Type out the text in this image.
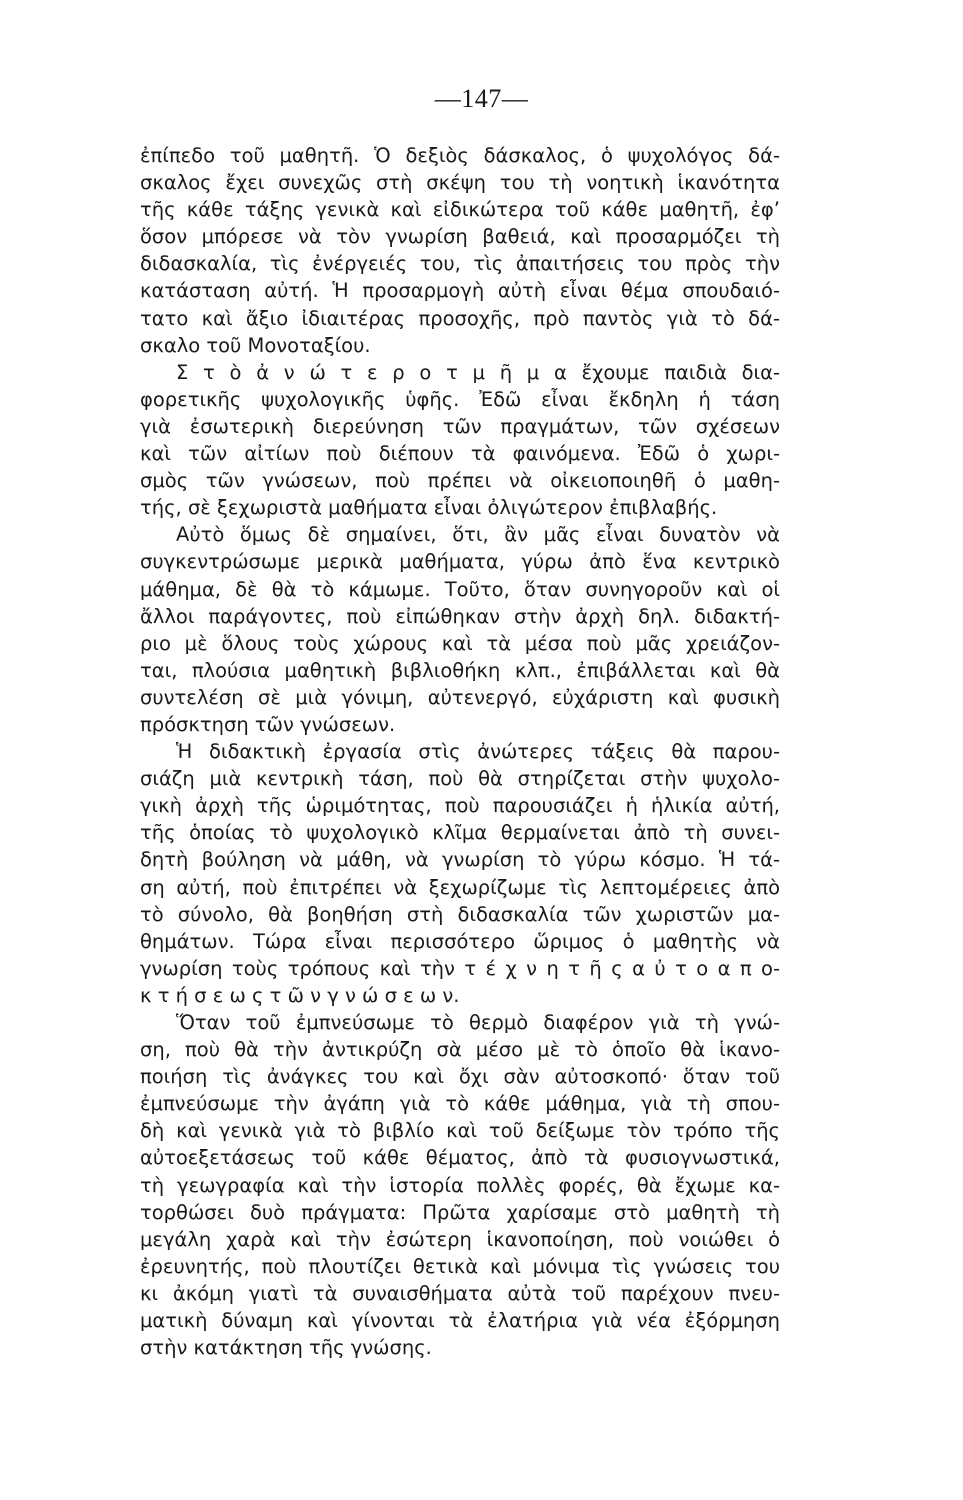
—147—
ἐπίπεδο τοῦ μαθητῆ. Ὁ δεξιὸς δάσκαλος, ὁ ψυχολόγος δά-
σκαλος ἔχει συνεχῶς στὴ σκέψη του τὴ νοητικὴ ἱκανότητα
τῆς κάθε τάξης γενικὰ καὶ εἰδικώτερα τοῦ κάθε μαθητῆ, ἐφ’
ὅσον μπόρεσε νὰ τὸν γνωρίση βαθειά, καὶ προσαρμόζει τὴ
διδασκαλία, τὶς ἐνέργειές του, τὶς ἀπαιτήσεις του πρὸς τὴν
κατάσταση αὐτή. Ἡ προσαρμογὴ αὐτὴ εἶναι θέμα σπουδαιό-
τατο καὶ ἄξιο ἰδιαιτέρας προσοχῆς, πρὸ παντὸς γιὰ τὸ δά-
σκαλο τοῦ Μονοταξίου.
Σ τ ὸ ἀ ν ώ τ ε ρ ο τ μ ῆ μ α ἔχουμε παιδιὰ δια-
φορετικῆς ψυχολογικῆς ὑφῆς. Ἐδῶ εἶναι ἔκδηλη ἡ τάση
γιὰ ἐσωτερικὴ διερεύνηση τῶν πραγμάτων, τῶν σχέσεων
καὶ τῶν αἰτίων ποὺ διέπουν τὰ φαινόμενα. Ἐδῶ ὁ χωρι-
σμὸς τῶν γνώσεων, ποὺ πρέπει νὰ οἰκειοποιηθῆ ὁ μαθη-
τής, σὲ ξεχωριστὰ μαθήματα εἶναι ὀλιγώτερον ἐπιβλαβής.
Αὐτὸ ὅμως δὲ σημαίνει, ὅτι, ἂν μᾶς εἶναι δυνατὸν νὰ
συγκεντρώσωμε μερικὰ μαθήματα, γύρω ἀπὸ ἕνα κεντρικὸ
μάθημα, δὲ θὰ τὸ κάμωμε. Τοῦτο, ὅταν συνηγοροῦν καὶ οἱ
ἄλλοι παράγοντες, ποὺ εἰπώθηκαν στὴν ἀρχὴ δηλ. διδακτή-
ριο μὲ ὅλους τοὺς χώρους καὶ τὰ μέσα ποὺ μᾶς χρειάζον-
ται, πλούσια μαθητικὴ βιβλιοθήκη κλπ., ἐπιβάλλεται καὶ θὰ
συντελέση σὲ μιὰ γόνιμη, αὐτενεργό, εὐχάριστη καὶ φυσικὴ
πρόσκτηση τῶν γνώσεων.
Ἡ διδακτικὴ ἐργασία στὶς ἀνώτερες τάξεις θὰ παρου-
σιάζη μιὰ κεντρικὴ τάση, ποὺ θὰ στηρίζεται στὴν ψυχολο-
γικὴ ἀρχὴ τῆς ὡριμότητας, ποὺ παρουσιάζει ἡ ἡλικία αὐτή,
τῆς ὁποίας τὸ ψυχολογικὸ κλῖμα θερμαίνεται ἀπὸ τὴ συνει-
δητὴ βούληση νὰ μάθη, νὰ γνωρίση τὸ γύρω κόσμο. Ἡ τά-
ση αὐτή, ποὺ ἐπιτρέπει νὰ ξεχωρίζωμε τὶς λεπτομέρειες ἀπὸ
τὸ σύνολο, θὰ βοηθήση στὴ διδασκαλία τῶν χωριστῶν μα-
θημάτων. Τώρα εἶναι περισσότερο ὥριμος ὁ μαθητὴς νὰ
γνωρίση τοὺς τρόπους καὶ τὴν τ έ χ ν η τ ῆ ς α ὐ τ ο α π ο-
κ τ ή σ ε ω ς τ ῶ ν γ ν ώ σ ε ω ν.
Ὅταν τοῦ ἐμπνεύσωμε τὸ θερμὸ διαφέρον γιὰ τὴ γνώ-
ση, ποὺ θὰ τὴν ἀντικρύζη σὰ μέσο μὲ τὸ ὁποῖο θὰ ἱκανο-
ποιήση τὶς ἀνάγκες του καὶ ὄχι σὰν αὐτοσκοπό· ὅταν τοῦ
ἐμπνεύσωμε τὴν ἀγάπη γιὰ τὸ κάθε μάθημα, γιὰ τὴ σπου-
δὴ καὶ γενικὰ γιὰ τὸ βιβλίο καὶ τοῦ δείξωμε τὸν τρόπο τῆς
αὐτοεξετάσεως τοῦ κάθε θέματος, ἀπὸ τὰ φυσιογνωστικά,
τὴ γεωγραφία καὶ τὴν ἱστορία πολλὲς φορές, θὰ ἔχωμε κα-
τορθώσει δυὸ πράγματα: Πρῶτα χαρίσαμε στὸ μαθητὴ τὴ
μεγάλη χαρὰ καὶ τὴν ἐσώτερη ἱκανοποίηση, ποὺ νοιώθει ὁ
ἐρευνητής, ποὺ πλουτίζει θετικὰ καὶ μόνιμα τὶς γνώσεις του
κι ἀκόμη γιατὶ τὰ συναισθήματα αὐτὰ τοῦ παρέχουν πνευ-
ματικὴ δύναμη καὶ γίνονται τὰ ἐλατήρια γιὰ νέα ἐξόρμηση
στὴν κατάκτηση τῆς γνώσης.
